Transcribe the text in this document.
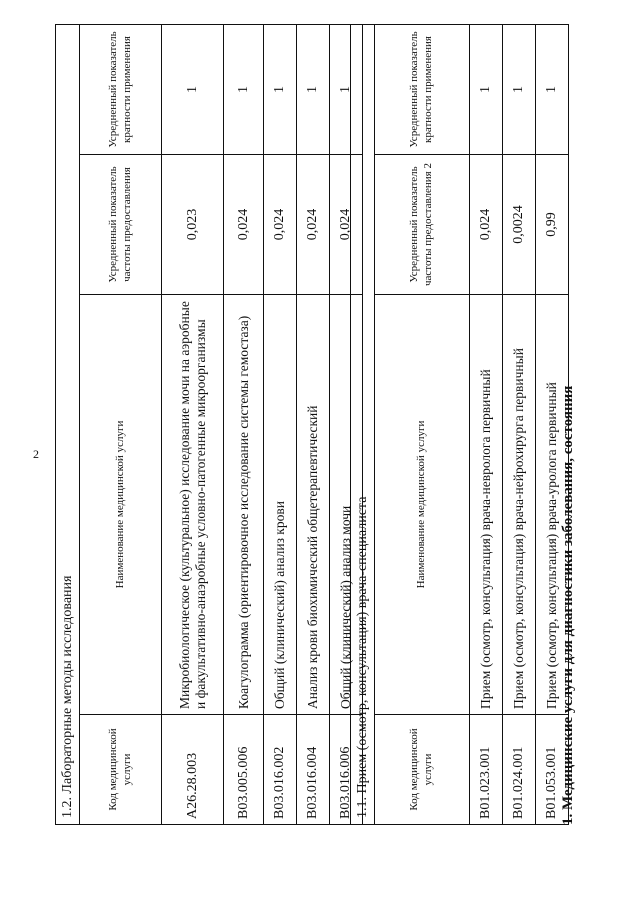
2	1. Медицинские услуги для диагностики заболевания, состояния
1.1. Прием (осмотр, консультация) врача-специалиста			
Код медицинской услуги	Наименование медицинской услуги	Усредненный показатель частоты предоставления 2	Усредненный показатель кратности применения
B01.023.001	Прием (осмотр, консультация) врача-невролога первичный	0,024	1
B01.024.001	Прием (осмотр, консультация) врача-нейрохирурга первичный	0,0024	1
B01.053.001	Прием (осмотр, консультация) врача-уролога первичный	0,99	1
1.2. Лабораторные методы исследования			
Код медицинской услуги	Наименование медицинской услуги	Усредненный показатель частоты предоставления	Усредненный показатель кратности применения
A26.28.003	Микробиологическое (культуральное) исследование мочи на аэробные и факультативно-анаэробные условно-патогенные микроорганизмы	0,023	1
B03.005.006	Коагулограмма (ориентировочное исследование системы гемостаза)	0,024	1
B03.016.002	Общий (клинический) анализ крови	0,024	1
B03.016.004	Анализ крови биохимический общетерапевтический	0,024	1
B03.016.006	Общий (клинический) анализ мочи	0,024	1
